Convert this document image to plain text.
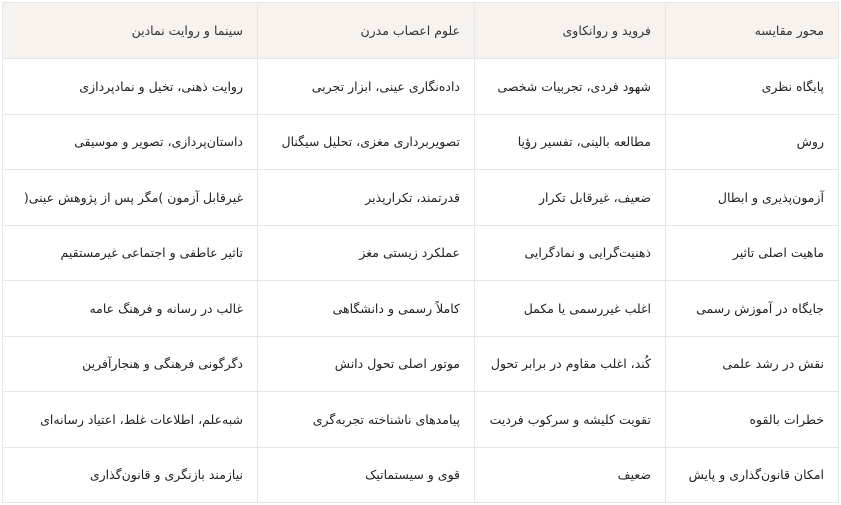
محور مقایسه	فروید و روانکاوی	علوم اعصاب مدرن	سینما و روایت نمادین
پایگاه نظری	شهود فردی، تجربیات شخصی	داده‌نگاری عینی، ابزار تجربی	روایت ذهنی، تخیل و نمادپردازی
روش	مطالعه بالینی، تفسیر رؤیا	تصویربرداری مغزی، تحلیل سیگنال	داستان‌پردازی، تصویر و موسیقی
آزمون‌پذیری و ابطال	ضعیف، غیرقابل تکرار	قدرتمند، تکرارپذیر	غیرقابل آزمون )مگر پس از پژوهش عینی(
ماهیت اصلی تاثیر	ذهنیت‌گرایی و نمادگرایی	عملکرد زیستی مغز	تاثیر عاطفی و اجتماعی غیرمستقیم
جایگاه در آموزش رسمی	اغلب غیررسمی یا مکمل	کاملاً رسمی و دانشگاهی	غالب در رسانه و فرهنگ عامه
نقش در رشد علمی	کُند، اغلب مقاوم در برابر تحول	موتور اصلی تحول دانش	دگرگونی فرهنگی و هنجارآفرین
خطرات بالقوه	تقویت کلیشه و سرکوب فردیت	پیامدهای ناشناخته تجربه‌گری	شبه‌علم، اطلاعات غلط، اعتیاد رسانه‌ای
امکان قانون‌گذاری و پایش	ضعیف	قوی و سیستماتیک	نیازمند بازنگری و قانون‌گذاری
